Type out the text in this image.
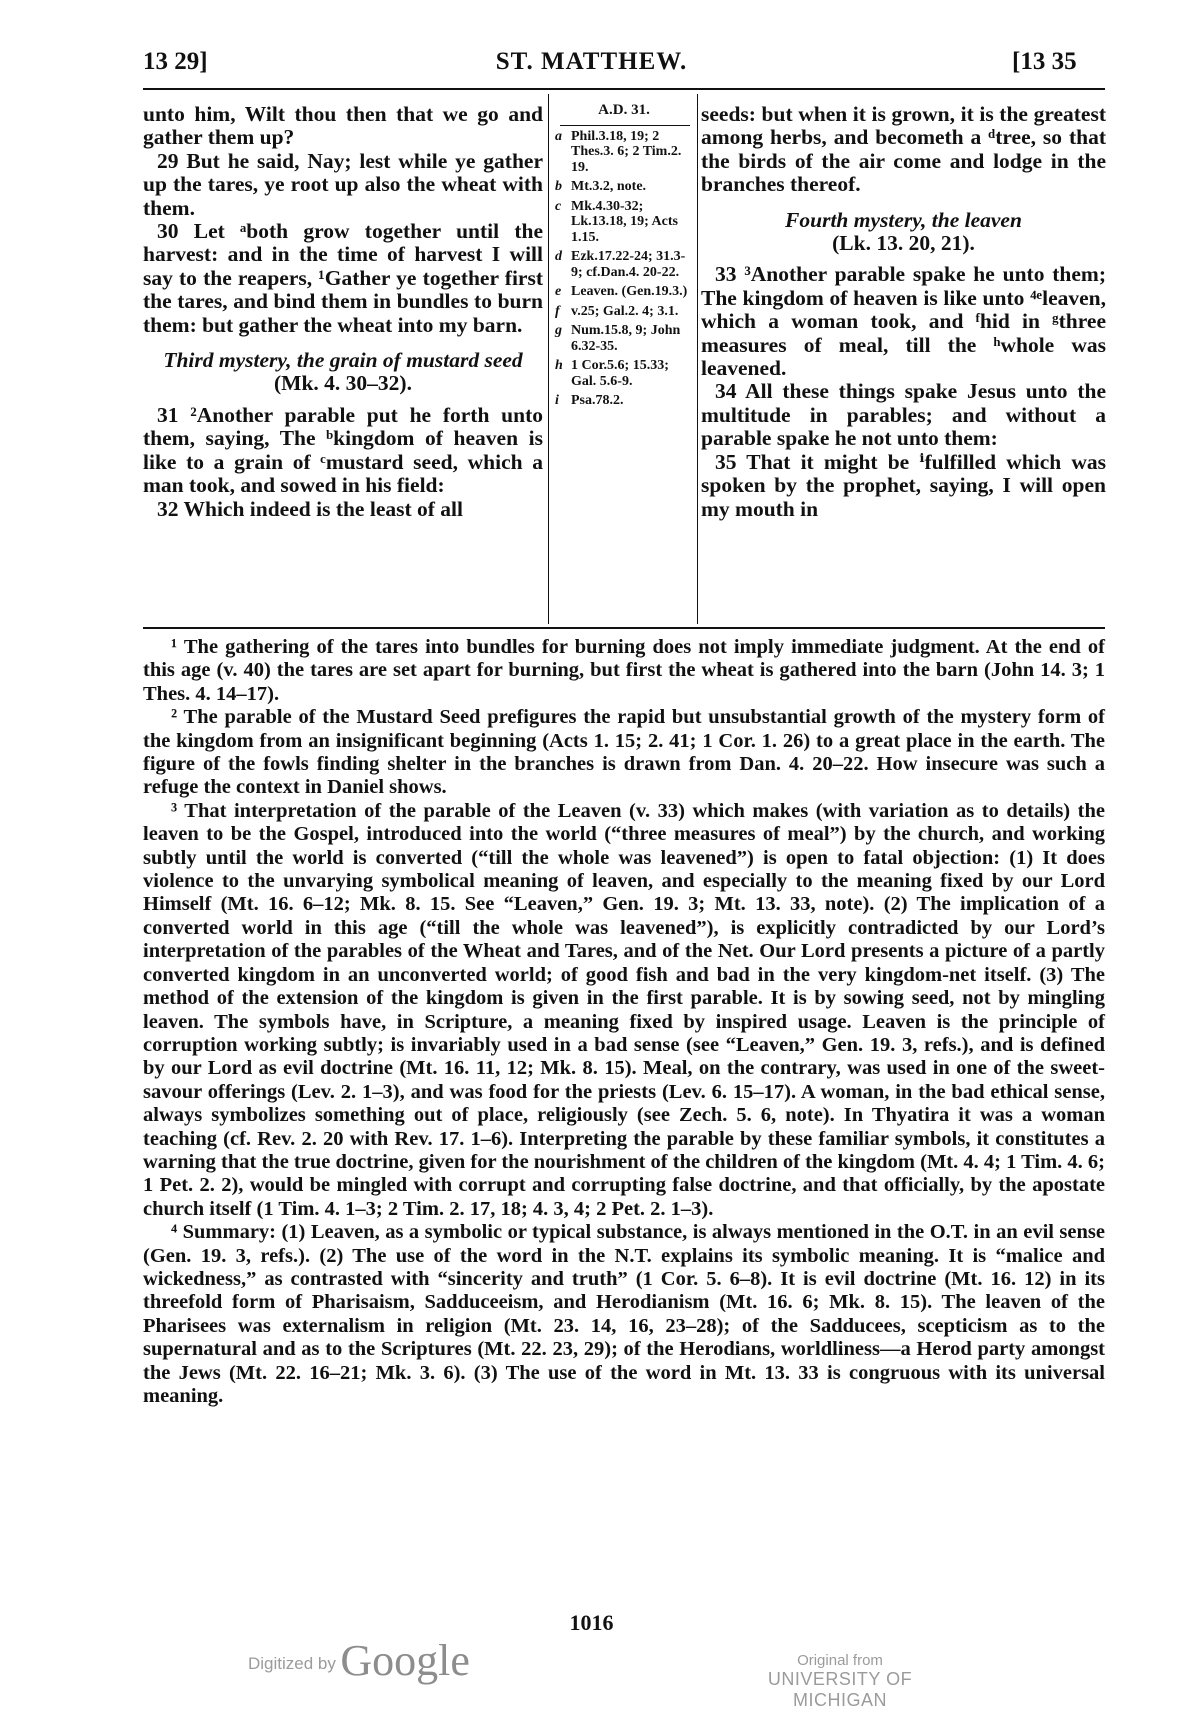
13 29]	ST. MATTHEW.	[13 35
unto him, Wilt thou then that we go and gather them up?
29 But he said, Nay; lest while ye gather up the tares, ye root up also the wheat with them.
30 Let ᵃboth grow together until the harvest: and in the time of harvest I will say to the reapers, ¹Gather ye together first the tares, and bind them in bundles to burn them: but gather the wheat into my barn.
Third mystery, the grain of mustard seed (Mk. 4. 30–32).
31 ²Another parable put he forth unto them, saying, The ᵇkingdom of heaven is like to a grain of ᶜmustard seed, which a man took, and sowed in his field:
32 Which indeed is the least of all
A.D. 31.
a Phil.3.18, 19; 2 Thes.3. 6; 2 Tim.2. 19.
b Mt.3.2, note.
c Mk.4.30-32; Lk.13.18, 19; Acts 1.15.
d Ezk.17.22-24; 31.3-9; cf.Dan.4. 20-22.
e Leaven. (Gen.19.3.)
f v.25; Gal.2. 4; 3.1.
g Num.15.8, 9; John 6.32-35.
h 1 Cor.5.6; 15.33; Gal. 5.6-9.
i Psa.78.2.
seeds: but when it is grown, it is the greatest among herbs, and becometh a ᵈtree, so that the birds of the air come and lodge in the branches thereof.
Fourth mystery, the leaven
(Lk. 13. 20, 21).
33 ³Another parable spake he unto them; The kingdom of heaven is like unto ⁴ᵉleaven, which a woman took, and ᶠhid in ᵍthree measures of meal, till the ʰwhole was leavened.
34 All these things spake Jesus unto the multitude in parables; and without a parable spake he not unto them:
35 That it might be ⁱfulfilled which was spoken by the prophet, saying, I will open my mouth in
¹ The gathering of the tares into bundles for burning does not imply immediate judgment. At the end of this age (v. 40) the tares are set apart for burning, but first the wheat is gathered into the barn (John 14. 3; 1 Thes. 4. 14–17).
² The parable of the Mustard Seed prefigures the rapid but unsubstantial growth of the mystery form of the kingdom from an insignificant beginning (Acts 1. 15; 2. 41; 1 Cor. 1. 26) to a great place in the earth. The figure of the fowls finding shelter in the branches is drawn from Dan. 4. 20–22. How insecure was such a refuge the context in Daniel shows.
³ That interpretation of the parable of the Leaven (v. 33) which makes (with variation as to details) the leaven to be the Gospel, introduced into the world (“three measures of meal”) by the church, and working subtly until the world is converted (“till the whole was leavened”) is open to fatal objection: (1) It does violence to the unvarying symbolical meaning of leaven, and especially to the meaning fixed by our Lord Himself (Mt. 16. 6–12; Mk. 8. 15. See “Leaven,” Gen. 19. 3; Mt. 13. 33, note). (2) The implication of a converted world in this age (“till the whole was leavened”), is explicitly contradicted by our Lord’s interpretation of the parables of the Wheat and Tares, and of the Net. Our Lord presents a picture of a partly converted kingdom in an unconverted world; of good fish and bad in the very kingdom-net itself. (3) The method of the extension of the kingdom is given in the first parable. It is by sowing seed, not by mingling leaven. The symbols have, in Scripture, a meaning fixed by inspired usage. Leaven is the principle of corruption working subtly; is invariably used in a bad sense (see “Leaven,” Gen. 19. 3, refs.), and is defined by our Lord as evil doctrine (Mt. 16. 11, 12; Mk. 8. 15). Meal, on the contrary, was used in one of the sweet-savour offerings (Lev. 2. 1–3), and was food for the priests (Lev. 6. 15–17). A woman, in the bad ethical sense, always symbolizes something out of place, religiously (see Zech. 5. 6, note). In Thyatira it was a woman teaching (cf. Rev. 2. 20 with Rev. 17. 1–6). Interpreting the parable by these familiar symbols, it constitutes a warning that the true doctrine, given for the nourishment of the children of the kingdom (Mt. 4. 4; 1 Tim. 4. 6; 1 Pet. 2. 2), would be mingled with corrupt and corrupting false doctrine, and that officially, by the apostate church itself (1 Tim. 4. 1–3; 2 Tim. 2. 17, 18; 4. 3, 4; 2 Pet. 2. 1–3).
⁴ Summary: (1) Leaven, as a symbolic or typical substance, is always mentioned in the O.T. in an evil sense (Gen. 19. 3, refs.). (2) The use of the word in the N.T. explains its symbolic meaning. It is “malice and wickedness,” as contrasted with “sincerity and truth” (1 Cor. 5. 6–8). It is evil doctrine (Mt. 16. 12) in its threefold form of Pharisaism, Sadduceeism, and Herodianism (Mt. 16. 6; Mk. 8. 15). The leaven of the Pharisees was externalism in religion (Mt. 23. 14, 16, 23–28); of the Sadducees, scepticism as to the supernatural and as to the Scriptures (Mt. 22. 23, 29); of the Herodians, worldliness—a Herod party amongst the Jews (Mt. 22. 16–21; Mk. 3. 6). (3) The use of the word in Mt. 13. 33 is congruous with its universal meaning.
1016
Digitized by Google	Original from
UNIVERSITY OF MICHIGAN
